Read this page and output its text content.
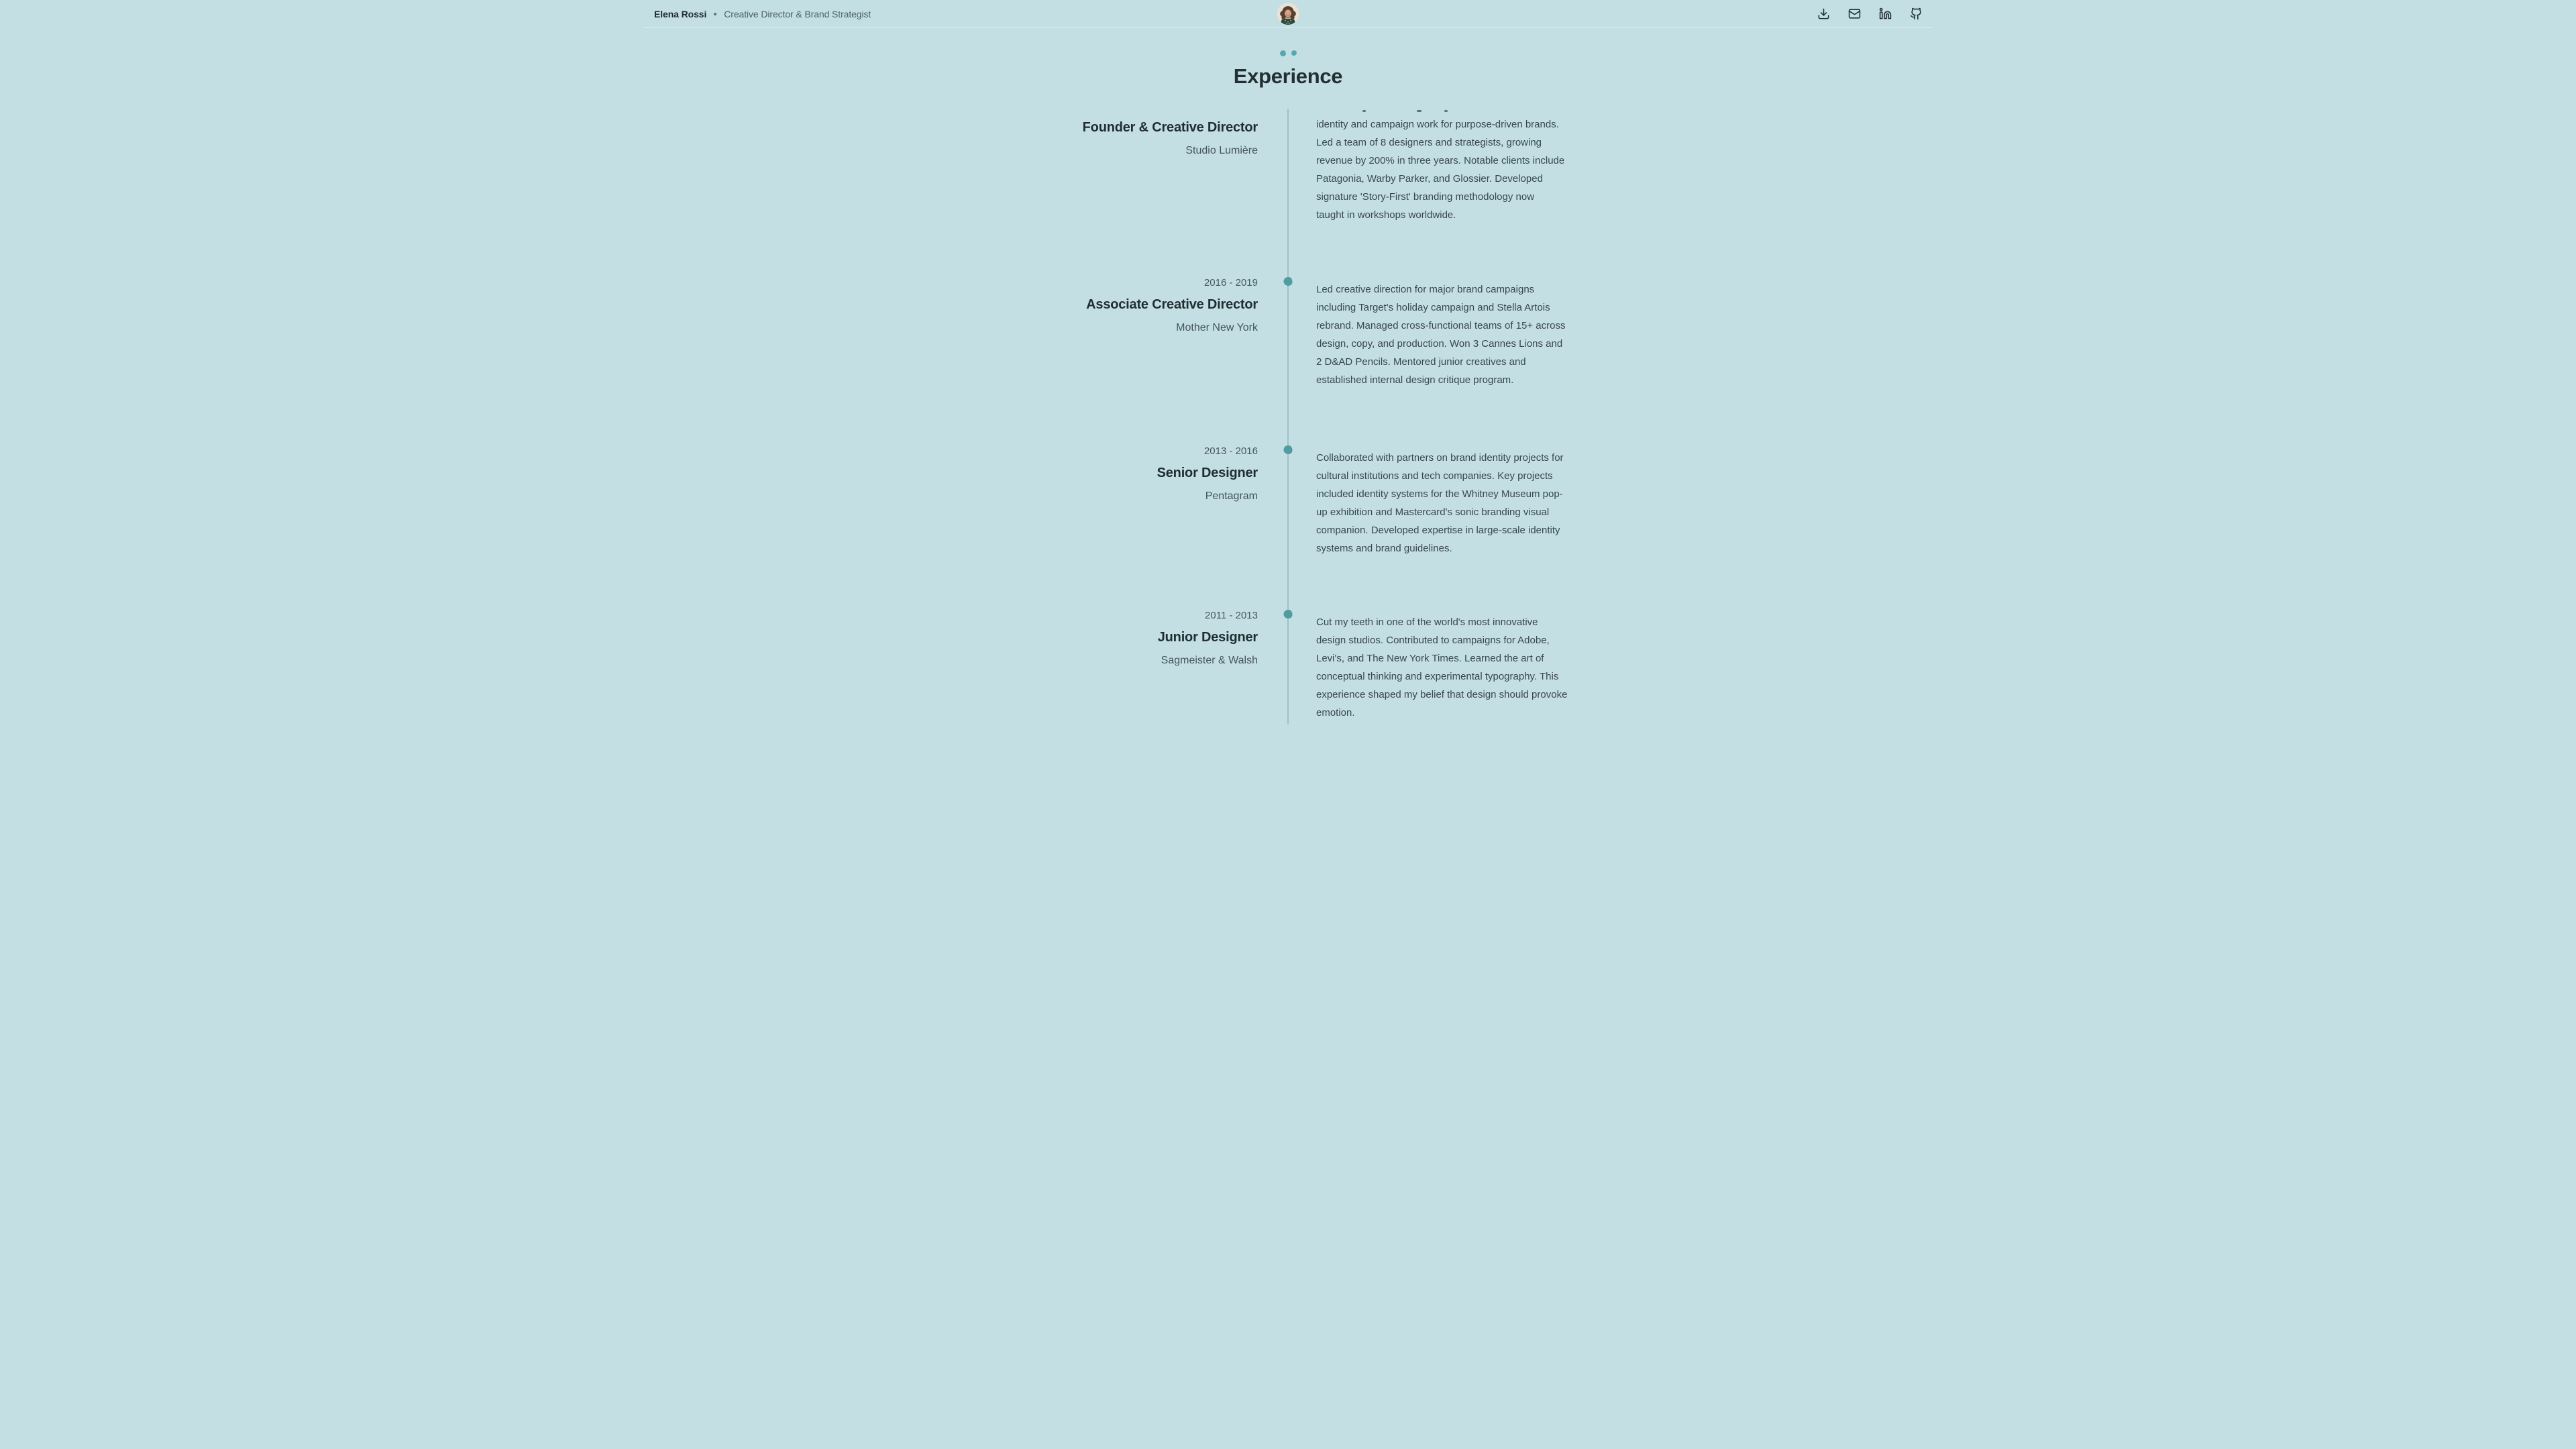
Elena Rossi Creative Director & Brand Strategist
Experience
Founder & Creative Director
Studio Lumière
identity and campaign work for purpose-driven brands.
Led a team of 8 designers and strategists, growing
revenue by 200% in three years. Notable clients include
Patagonia, Warby Parker, and Glossier. Developed
signature 'Story-First' branding methodology now
taught in workshops worldwide.
2016 - 2019
Associate Creative Director
Mother New York
Led creative direction for major brand campaigns
including Target's holiday campaign and Stella Artois
rebrand. Managed cross-functional teams of 15+ across
design, copy, and production. Won 3 Cannes Lions and
2 D&AD Pencils. Mentored junior creatives and
established internal design critique program.
2013 - 2016
Senior Designer
Pentagram
Collaborated with partners on brand identity projects for
cultural institutions and tech companies. Key projects
included identity systems for the Whitney Museum pop-
up exhibition and Mastercard's sonic branding visual
companion. Developed expertise in large-scale identity
systems and brand guidelines.
2011 - 2013
Junior Designer
Sagmeister & Walsh
Cut my teeth in one of the world's most innovative
design studios. Contributed to campaigns for Adobe,
Levi's, and The New York Times. Learned the art of
conceptual thinking and experimental typography. This
experience shaped my belief that design should provoke
emotion.
